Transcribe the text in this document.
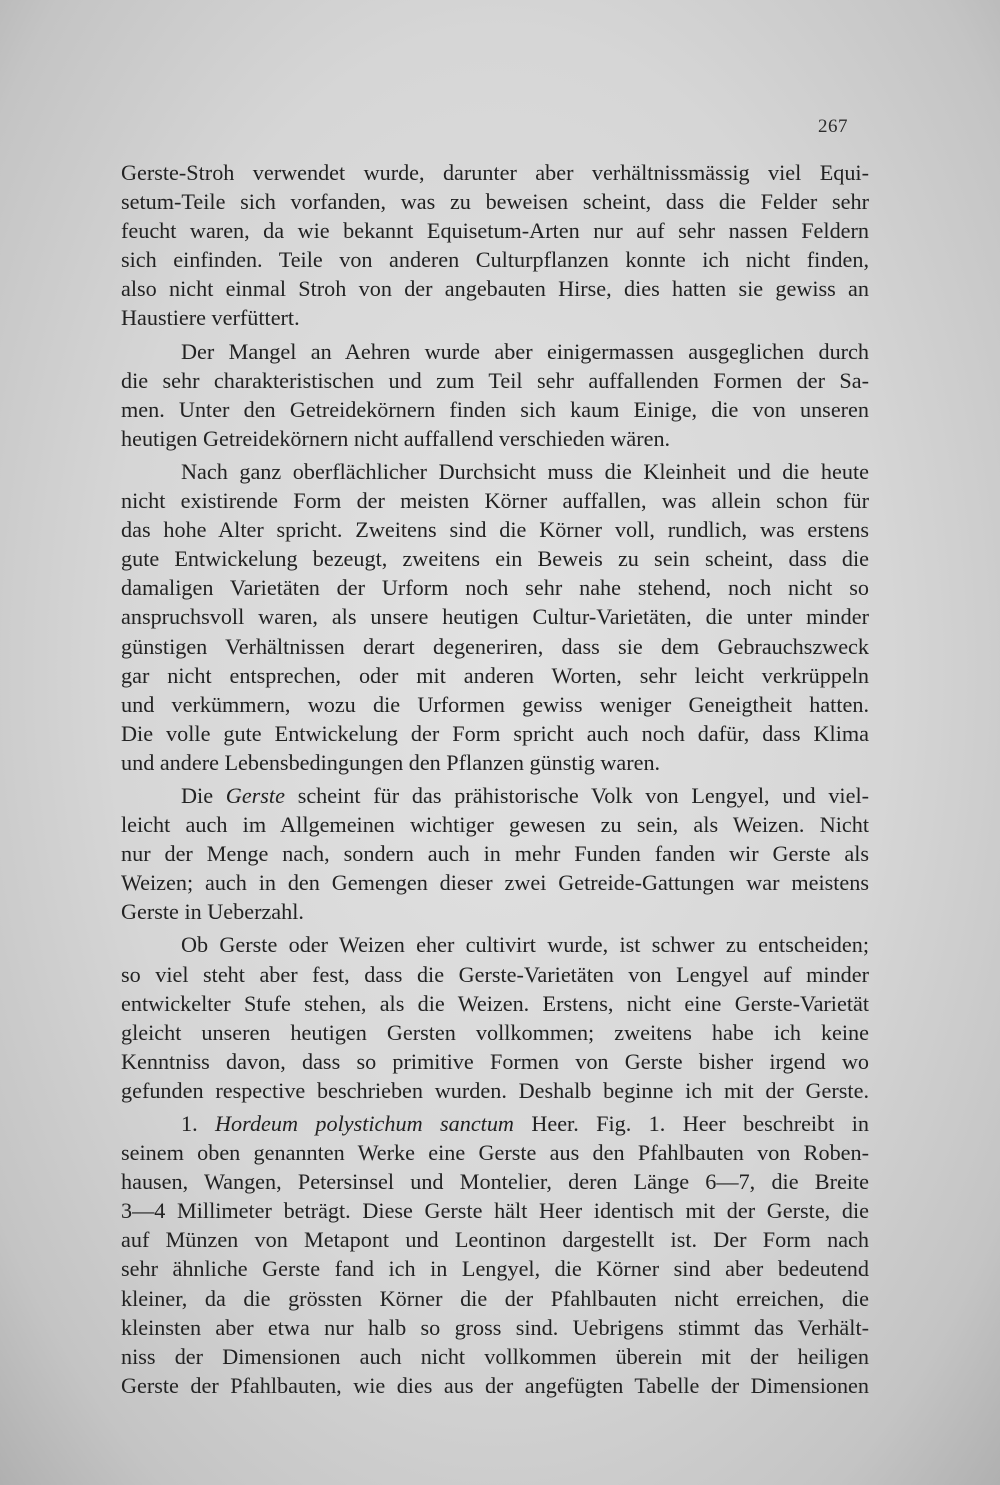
267
Gerste-Stroh verwendet wurde, darunter aber verhältnissmässig viel Equi-
setum-Teile sich vorfanden, was zu beweisen scheint, dass die Felder sehr
feucht waren, da wie bekannt Equisetum-Arten nur auf sehr nassen Feldern
sich einfinden. Teile von anderen Culturpflanzen konnte ich nicht finden,
also nicht einmal Stroh von der angebauten Hirse, dies hatten sie gewiss an
Haustiere verfüttert.
Der Mangel an Aehren wurde aber einigermassen ausgeglichen durch
die sehr charakteristischen und zum Teil sehr auffallenden Formen der Sa-
men. Unter den Getreidekörnern finden sich kaum Einige, die von unseren
heutigen Getreidekörnern nicht auffallend verschieden wären.
Nach ganz oberflächlicher Durchsicht muss die Kleinheit und die heute
nicht existirende Form der meisten Körner auffallen, was allein schon für
das hohe Alter spricht. Zweitens sind die Körner voll, rundlich, was erstens
gute Entwickelung bezeugt, zweitens ein Beweis zu sein scheint, dass die
damaligen Varietäten der Urform noch sehr nahe stehend, noch nicht so
anspruchsvoll waren, als unsere heutigen Cultur-Varietäten, die unter minder
günstigen Verhältnissen derart degeneriren, dass sie dem Gebrauchszweck
gar nicht entsprechen, oder mit anderen Worten, sehr leicht verkrüppeln
und verkümmern, wozu die Urformen gewiss weniger Geneigtheit hatten.
Die volle gute Entwickelung der Form spricht auch noch dafür, dass Klima
und andere Lebensbedingungen den Pflanzen günstig waren.
Die Gerste scheint für das prähistorische Volk von Lengyel, und viel-
leicht auch im Allgemeinen wichtiger gewesen zu sein, als Weizen. Nicht
nur der Menge nach, sondern auch in mehr Funden fanden wir Gerste als
Weizen; auch in den Gemengen dieser zwei Getreide-Gattungen war meistens
Gerste in Ueberzahl.
Ob Gerste oder Weizen eher cultivirt wurde, ist schwer zu entscheiden;
so viel steht aber fest, dass die Gerste-Varietäten von Lengyel auf minder
entwickelter Stufe stehen, als die Weizen. Erstens, nicht eine Gerste-Varietät
gleicht unseren heutigen Gersten vollkommen; zweitens habe ich keine
Kenntniss davon, dass so primitive Formen von Gerste bisher irgend wo
gefunden respective beschrieben wurden. Deshalb beginne ich mit der Gerste.
1. Hordeum polystichum sanctum Heer. Fig. 1. Heer beschreibt in
seinem oben genannten Werke eine Gerste aus den Pfahlbauten von Roben-
hausen, Wangen, Petersinsel und Montelier, deren Länge 6—7, die Breite
3—4 Millimeter beträgt. Diese Gerste hält Heer identisch mit der Gerste, die
auf Münzen von Metapont und Leontinon dargestellt ist. Der Form nach
sehr ähnliche Gerste fand ich in Lengyel, die Körner sind aber bedeutend
kleiner, da die grössten Körner die der Pfahlbauten nicht erreichen, die
kleinsten aber etwa nur halb so gross sind. Uebrigens stimmt das Verhält-
niss der Dimensionen auch nicht vollkommen überein mit der heiligen
Gerste der Pfahlbauten, wie dies aus der angefügten Tabelle der Dimensionen
